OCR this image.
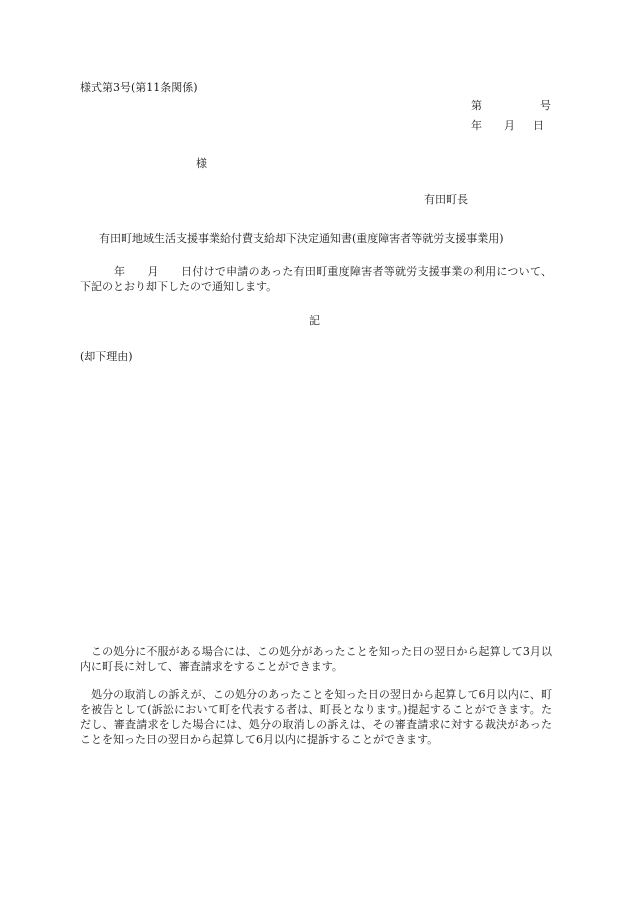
様式第3号(第11条関係)
第	号
年 月 日
様
有田町長
有田町地域生活支援事業給付費支給却下決定通知書(重度障害者等就労支援事業用)
年 月 日付けで申請のあった有田町重度障害者等就労支援事業の利用について、下記のとおり却下したので通知します。
記
(却下理由)
この処分に不服がある場合には、この処分があったことを知った日の翌日から起算して3月以内に町長に対して、審査請求をすることができます。
処分の取消しの訴えが、この処分のあったことを知った日の翌日から起算して6月以内に、町を被告として(訴訟において町を代表する者は、町長となります。)提起することができます。ただし、審査請求をした場合には、処分の取消しの訴えは、その審査請求に対する裁決があったことを知った日の翌日から起算して6月以内に提訴することができます。
